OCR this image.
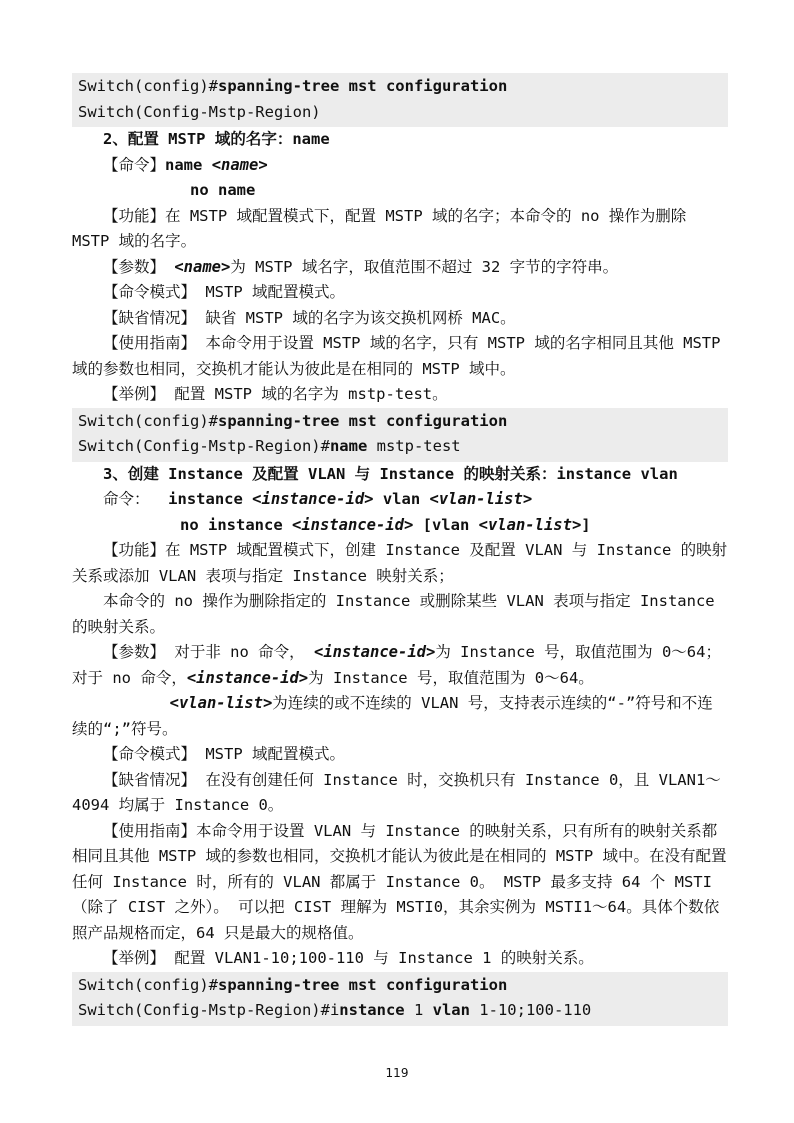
Switch(config)#spanning-tree mst configuration
Switch(Config-Mstp-Region)

2、配置 MSTP 域的名字：name

【命令】name <name>

no name

【功能】在 MSTP 域配置模式下，配置 MSTP 域的名字；本命令的 no 操作为删除 MSTP 域的名字。

【参数】 <name>为 MSTP 域名字，取值范围不超过 32 字节的字符串。

【命令模式】 MSTP 域配置模式。

【缺省情况】 缺省 MSTP 域的名字为该交换机网桥 MAC。

【使用指南】 本命令用于设置 MSTP 域的名字，只有 MSTP 域的名字相同且其他 MSTP 域的参数也相同，交换机才能认为彼此是在相同的 MSTP 域中。

【举例】 配置 MSTP 域的名字为 mstp-test。

Switch(config)#spanning-tree mst configuration
Switch(Config-Mstp-Region)#name mstp-test

3、创建 Instance 及配置 VLAN 与 Instance 的映射关系：instance vlan

命令：  instance <instance-id> vlan <vlan-list>

no instance <instance-id> [vlan <vlan-list>]

【功能】在 MSTP 域配置模式下，创建 Instance 及配置 VLAN 与 Instance 的映射关系或添加 VLAN 表项与指定 Instance 映射关系；

本命令的 no 操作为删除指定的 Instance 或删除某些 VLAN 表项与指定 Instance 的映射关系。

【参数】 对于非 no 命令， <instance-id>为 Instance 号，取值范围为 0～64；对于 no 命令，<instance-id>为 Instance 号，取值范围为 0～64。

<vlan-list>为连续的或不连续的 VLAN 号，支持表示连续的“-”符号和不连续的“;”符号。

【命令模式】 MSTP 域配置模式。

【缺省情况】 在没有创建任何 Instance 时，交换机只有 Instance 0，且 VLAN1～4094 均属于 Instance 0。

【使用指南】本命令用于设置 VLAN 与 Instance 的映射关系，只有所有的映射关系都相同且其他 MSTP 域的参数也相同，交换机才能认为彼此是在相同的 MSTP 域中。在没有配置任何 Instance 时，所有的 VLAN 都属于 Instance 0。 MSTP 最多支持 64 个 MSTI（除了 CIST 之外）。 可以把 CIST 理解为 MSTI0，其余实例为 MSTI1～64。具体个数依照产品规格而定，64 只是最大的规格值。

【举例】 配置 VLAN1-10;100-110 与 Instance 1 的映射关系。

Switch(config)#spanning-tree mst configuration
Switch(Config-Mstp-Region)#instance 1 vlan 1-10;100-110
119
